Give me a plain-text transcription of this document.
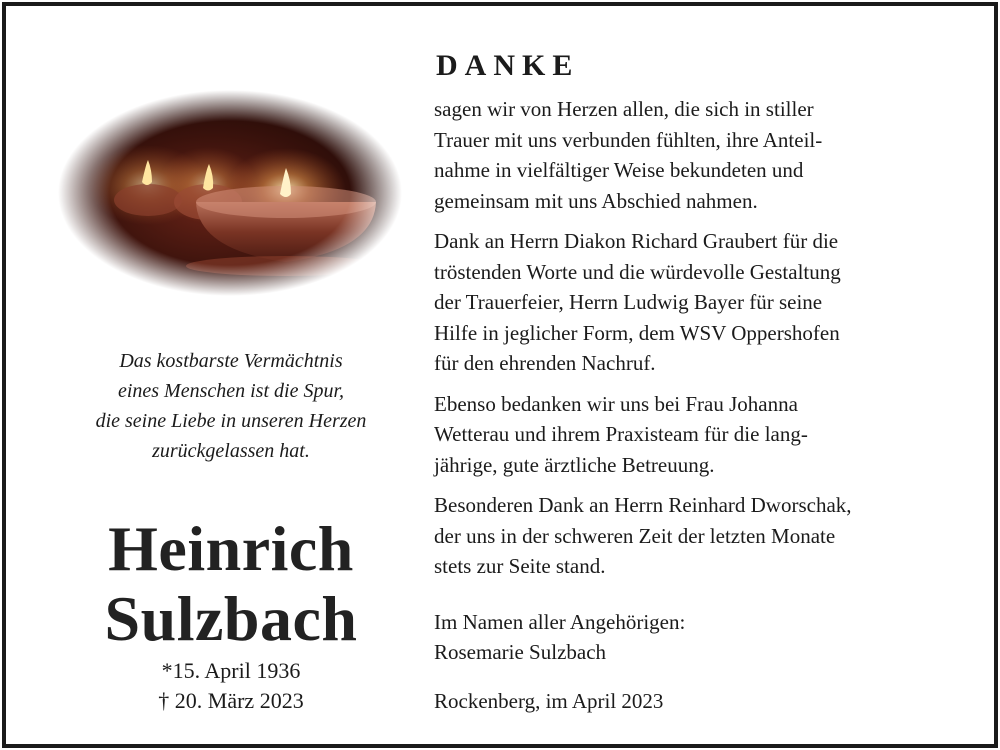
Das kostbarste Vermächtnis
eines Menschen ist die Spur,
die seine Liebe in unseren Herzen
zurückgelassen hat.
Heinrich
Sulzbach
*15. April 1936
† 20. März 2023
DANKE
sagen wir von Herzen allen, die sich in stiller
Trauer mit uns verbunden fühlten, ihre Anteil-
nahme in vielfältiger Weise bekundeten und
gemeinsam mit uns Abschied nahmen.
Dank an Herrn Diakon Richard Graubert für die
tröstenden Worte und die würdevolle Gestaltung
der Trauerfeier, Herrn Ludwig Bayer für seine
Hilfe in jeglicher Form, dem WSV Oppershofen
für den ehrenden Nachruf.
Ebenso bedanken wir uns bei Frau Johanna
Wetterau und ihrem Praxisteam für die lang-
jährige, gute ärztliche Betreuung.
Besonderen Dank an Herrn Reinhard Dworschak,
der uns in der schweren Zeit der letzten Monate
stets zur Seite stand.
Im Namen aller Angehörigen:
Rosemarie Sulzbach
Rockenberg, im April 2023
